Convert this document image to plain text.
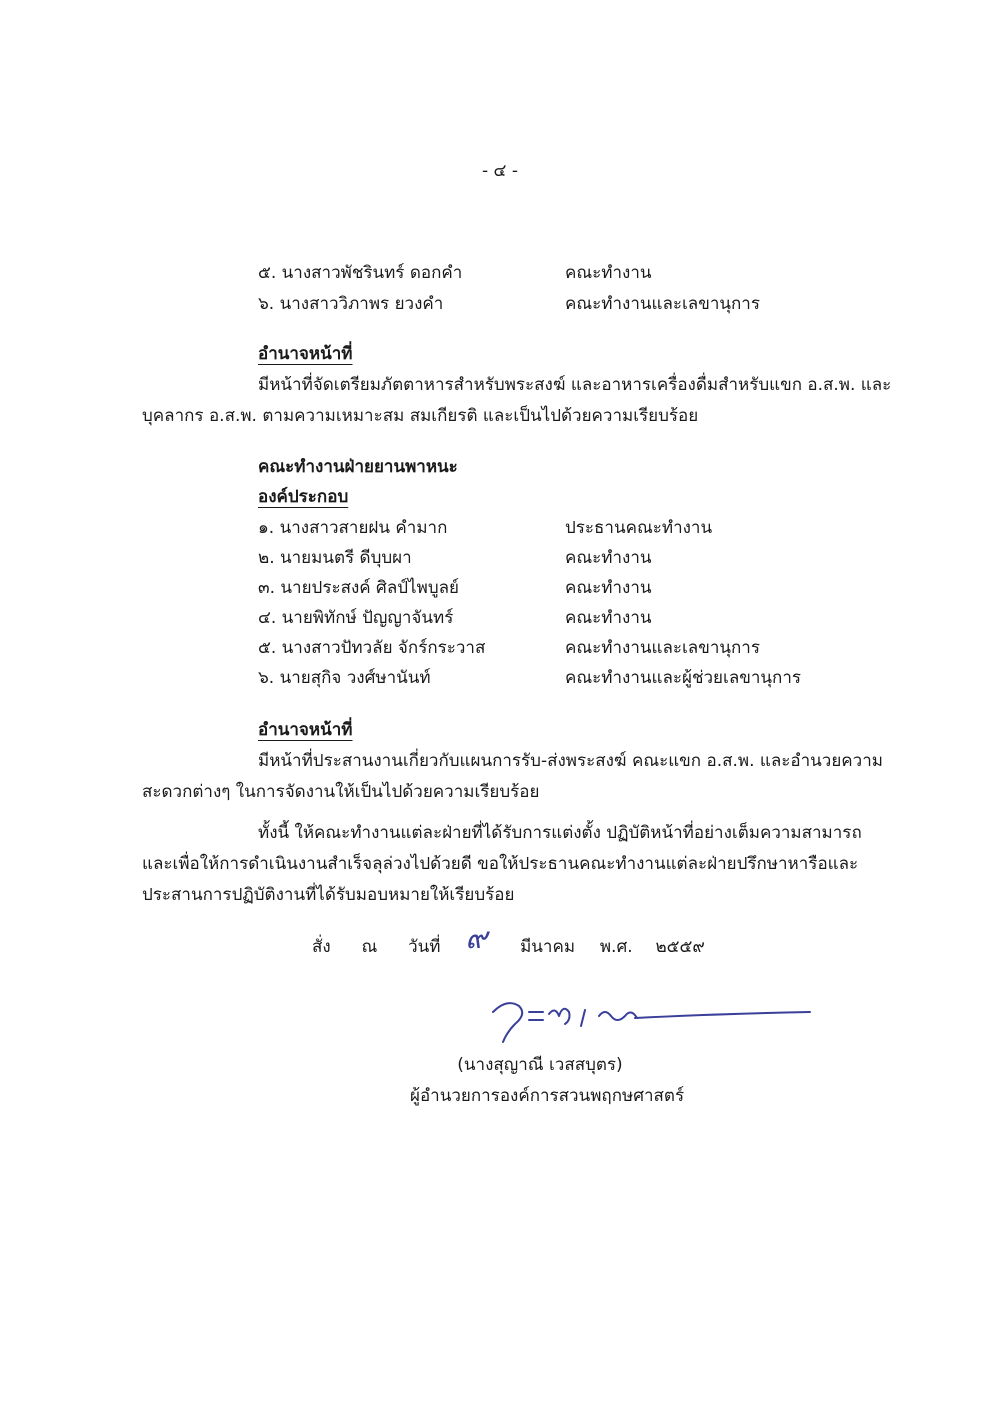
- ๔ -
๕. นางสาวพัชรินทร์ ดอกคำ	คณะทำงาน
๖. นางสาววิภาพร ยวงคำ	คณะทำงานและเลขานุการ
อำนาจหน้าที่
มีหน้าที่จัดเตรียมภัตตาหารสำหรับพระสงฆ์ และอาหารเครื่องดื่มสำหรับแขก อ.ส.พ. และ
บุคลากร อ.ส.พ. ตามความเหมาะสม สมเกียรติ และเป็นไปด้วยความเรียบร้อย
คณะทำงานฝ่ายยานพาหนะ
องค์ประกอบ
๑. นางสาวสายฝน คำมาก	ประธานคณะทำงาน
๒. นายมนตรี ดีบุบผา	คณะทำงาน
๓. นายประสงค์ ศิลป์ไพบูลย์	คณะทำงาน
๔. นายพิทักษ์ ปัญญาจันทร์	คณะทำงาน
๕. นางสาวปัทวลัย จักร์กระวาส	คณะทำงานและเลขานุการ
๖. นายสุกิจ วงศ์ษานันท์	คณะทำงานและผู้ช่วยเลขานุการ
อำนาจหน้าที่
มีหน้าที่ประสานงานเกี่ยวกับแผนการรับ-ส่งพระสงฆ์ คณะแขก อ.ส.พ. และอำนวยความ
สะดวกต่างๆ ในการจัดงานให้เป็นไปด้วยความเรียบร้อย
ทั้งนี้ ให้คณะทำงานแต่ละฝ่ายที่ได้รับการแต่งตั้ง ปฏิบัติหน้าที่อย่างเต็มความสามารถ
และเพื่อให้การดำเนินงานสำเร็จลุล่วงไปด้วยดี ขอให้ประธานคณะทำงานแต่ละฝ่ายปรึกษาหารือและ
ประสานการปฏิบัติงานที่ได้รับมอบหมายให้เรียบร้อย
สั่ง ณ วันที่ ๙ มีนาคม พ.ศ. ๒๕๕๙
(นางสุญาณี เวสสบุตร)
ผู้อำนวยการองค์การสวนพฤกษศาสตร์
